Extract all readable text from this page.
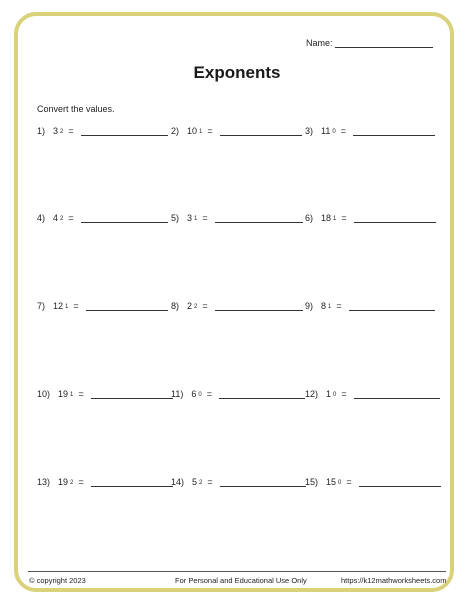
Name:
Exponents
Convert the values.
1) 3 $^2$ =	2) 10 $^1$ =	3) 11 $^0$ =
4) 4 $^2$ =	5) 3 $^1$ =	6) 18 $^1$ =
7) 12 $^1$ =	8) 2 $^2$ =	9) 8 $^1$ =
10) 19 $^1$ =	11) 6 $^0$ =	12) 1 $^0$ =
13) 19 $^2$ =	14) 5 $^2$ =	15) 15 $^0$ =
© copyright 2023	For Personal and Educational Use Only	https://k12mathworksheets.com
